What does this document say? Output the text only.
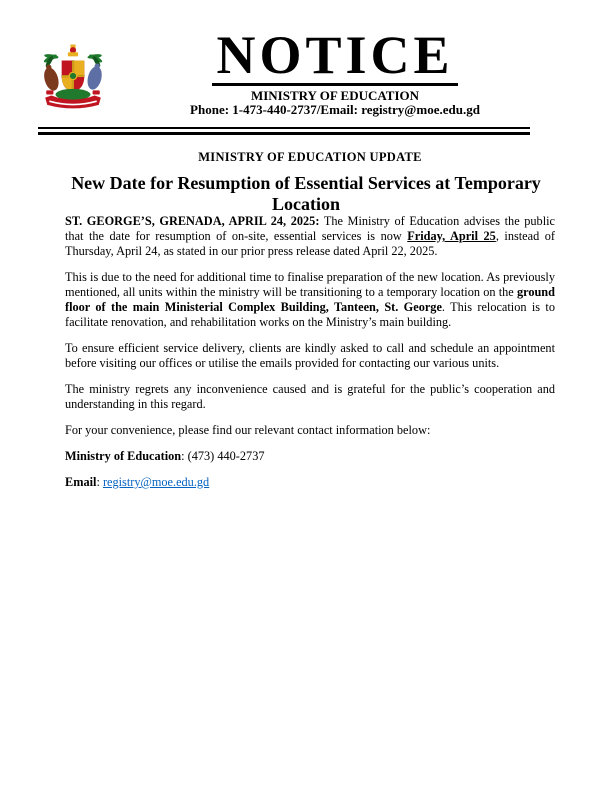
NOTICE
MINISTRY OF EDUCATION
Phone: 1-473-440-2737/Email: registry@moe.edu.gd
MINISTRY OF EDUCATION UPDATE
New Date for Resumption of Essential Services at Temporary Location

ST. GEORGE’S, GRENADA, APRIL 24, 2025: The Ministry of Education advises the public that the date for resumption of on-site, essential services is now Friday, April 25, instead of Thursday, April 24, as stated in our prior press release dated April 22, 2025.

This is due to the need for additional time to finalise preparation of the new location. As previously mentioned, all units within the ministry will be transitioning to a temporary location on the ground floor of the main Ministerial Complex Building, Tanteen, St. George. This relocation is to facilitate renovation, and rehabilitation works on the Ministry’s main building.

To ensure efficient service delivery, clients are kindly asked to call and schedule an appointment before visiting our offices or utilise the emails provided for contacting our various units.

The ministry regrets any inconvenience caused and is grateful for the public’s cooperation and understanding in this regard.

For your convenience, please find our relevant contact information below:

Ministry of Education: (473) 440-2737

Email: registry@moe.edu.gd
